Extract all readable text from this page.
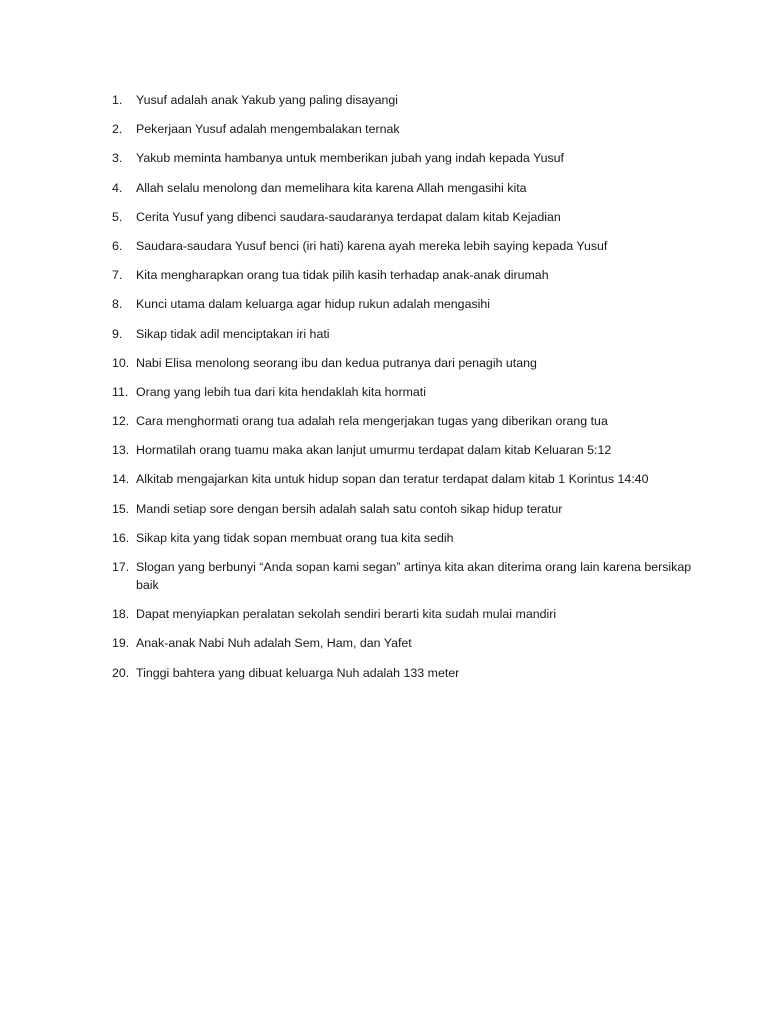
1.	Yusuf adalah anak Yakub yang paling disayangi
2.	Pekerjaan Yusuf adalah mengembalakan ternak
3.	Yakub meminta hambanya untuk memberikan jubah yang indah kepada Yusuf
4.	Allah selalu menolong dan memelihara kita karena Allah mengasihi kita
5.	Cerita Yusuf yang dibenci saudara-saudaranya terdapat dalam kitab Kejadian
6.	Saudara-saudara Yusuf benci (iri hati) karena ayah mereka lebih saying kepada Yusuf
7.	Kita mengharapkan orang tua tidak pilih kasih terhadap anak-anak dirumah
8.	Kunci utama dalam keluarga agar hidup rukun adalah mengasihi
9.	Sikap tidak adil menciptakan iri hati
10. Nabi Elisa menolong seorang ibu dan kedua putranya dari penagih utang
11. Orang yang lebih tua dari kita hendaklah kita hormati
12. Cara menghormati orang tua adalah rela mengerjakan tugas yang diberikan orang tua
13. Hormatilah orang tuamu maka akan lanjut umurmu terdapat dalam kitab Keluaran 5:12
14. Alkitab mengajarkan kita untuk hidup sopan dan teratur terdapat dalam kitab 1 Korintus 14:40
15. Mandi setiap sore dengan bersih adalah salah satu contoh sikap hidup teratur
16. Sikap kita yang tidak sopan membuat orang tua kita sedih
17. Slogan yang berbunyi “Anda sopan kami segan” artinya kita akan diterima orang lain karena bersikap baik
18. Dapat menyiapkan peralatan sekolah sendiri berarti kita sudah mulai mandiri
19. Anak-anak Nabi Nuh adalah Sem, Ham, dan Yafet
20. Tinggi bahtera yang dibuat keluarga Nuh adalah 133 meter
